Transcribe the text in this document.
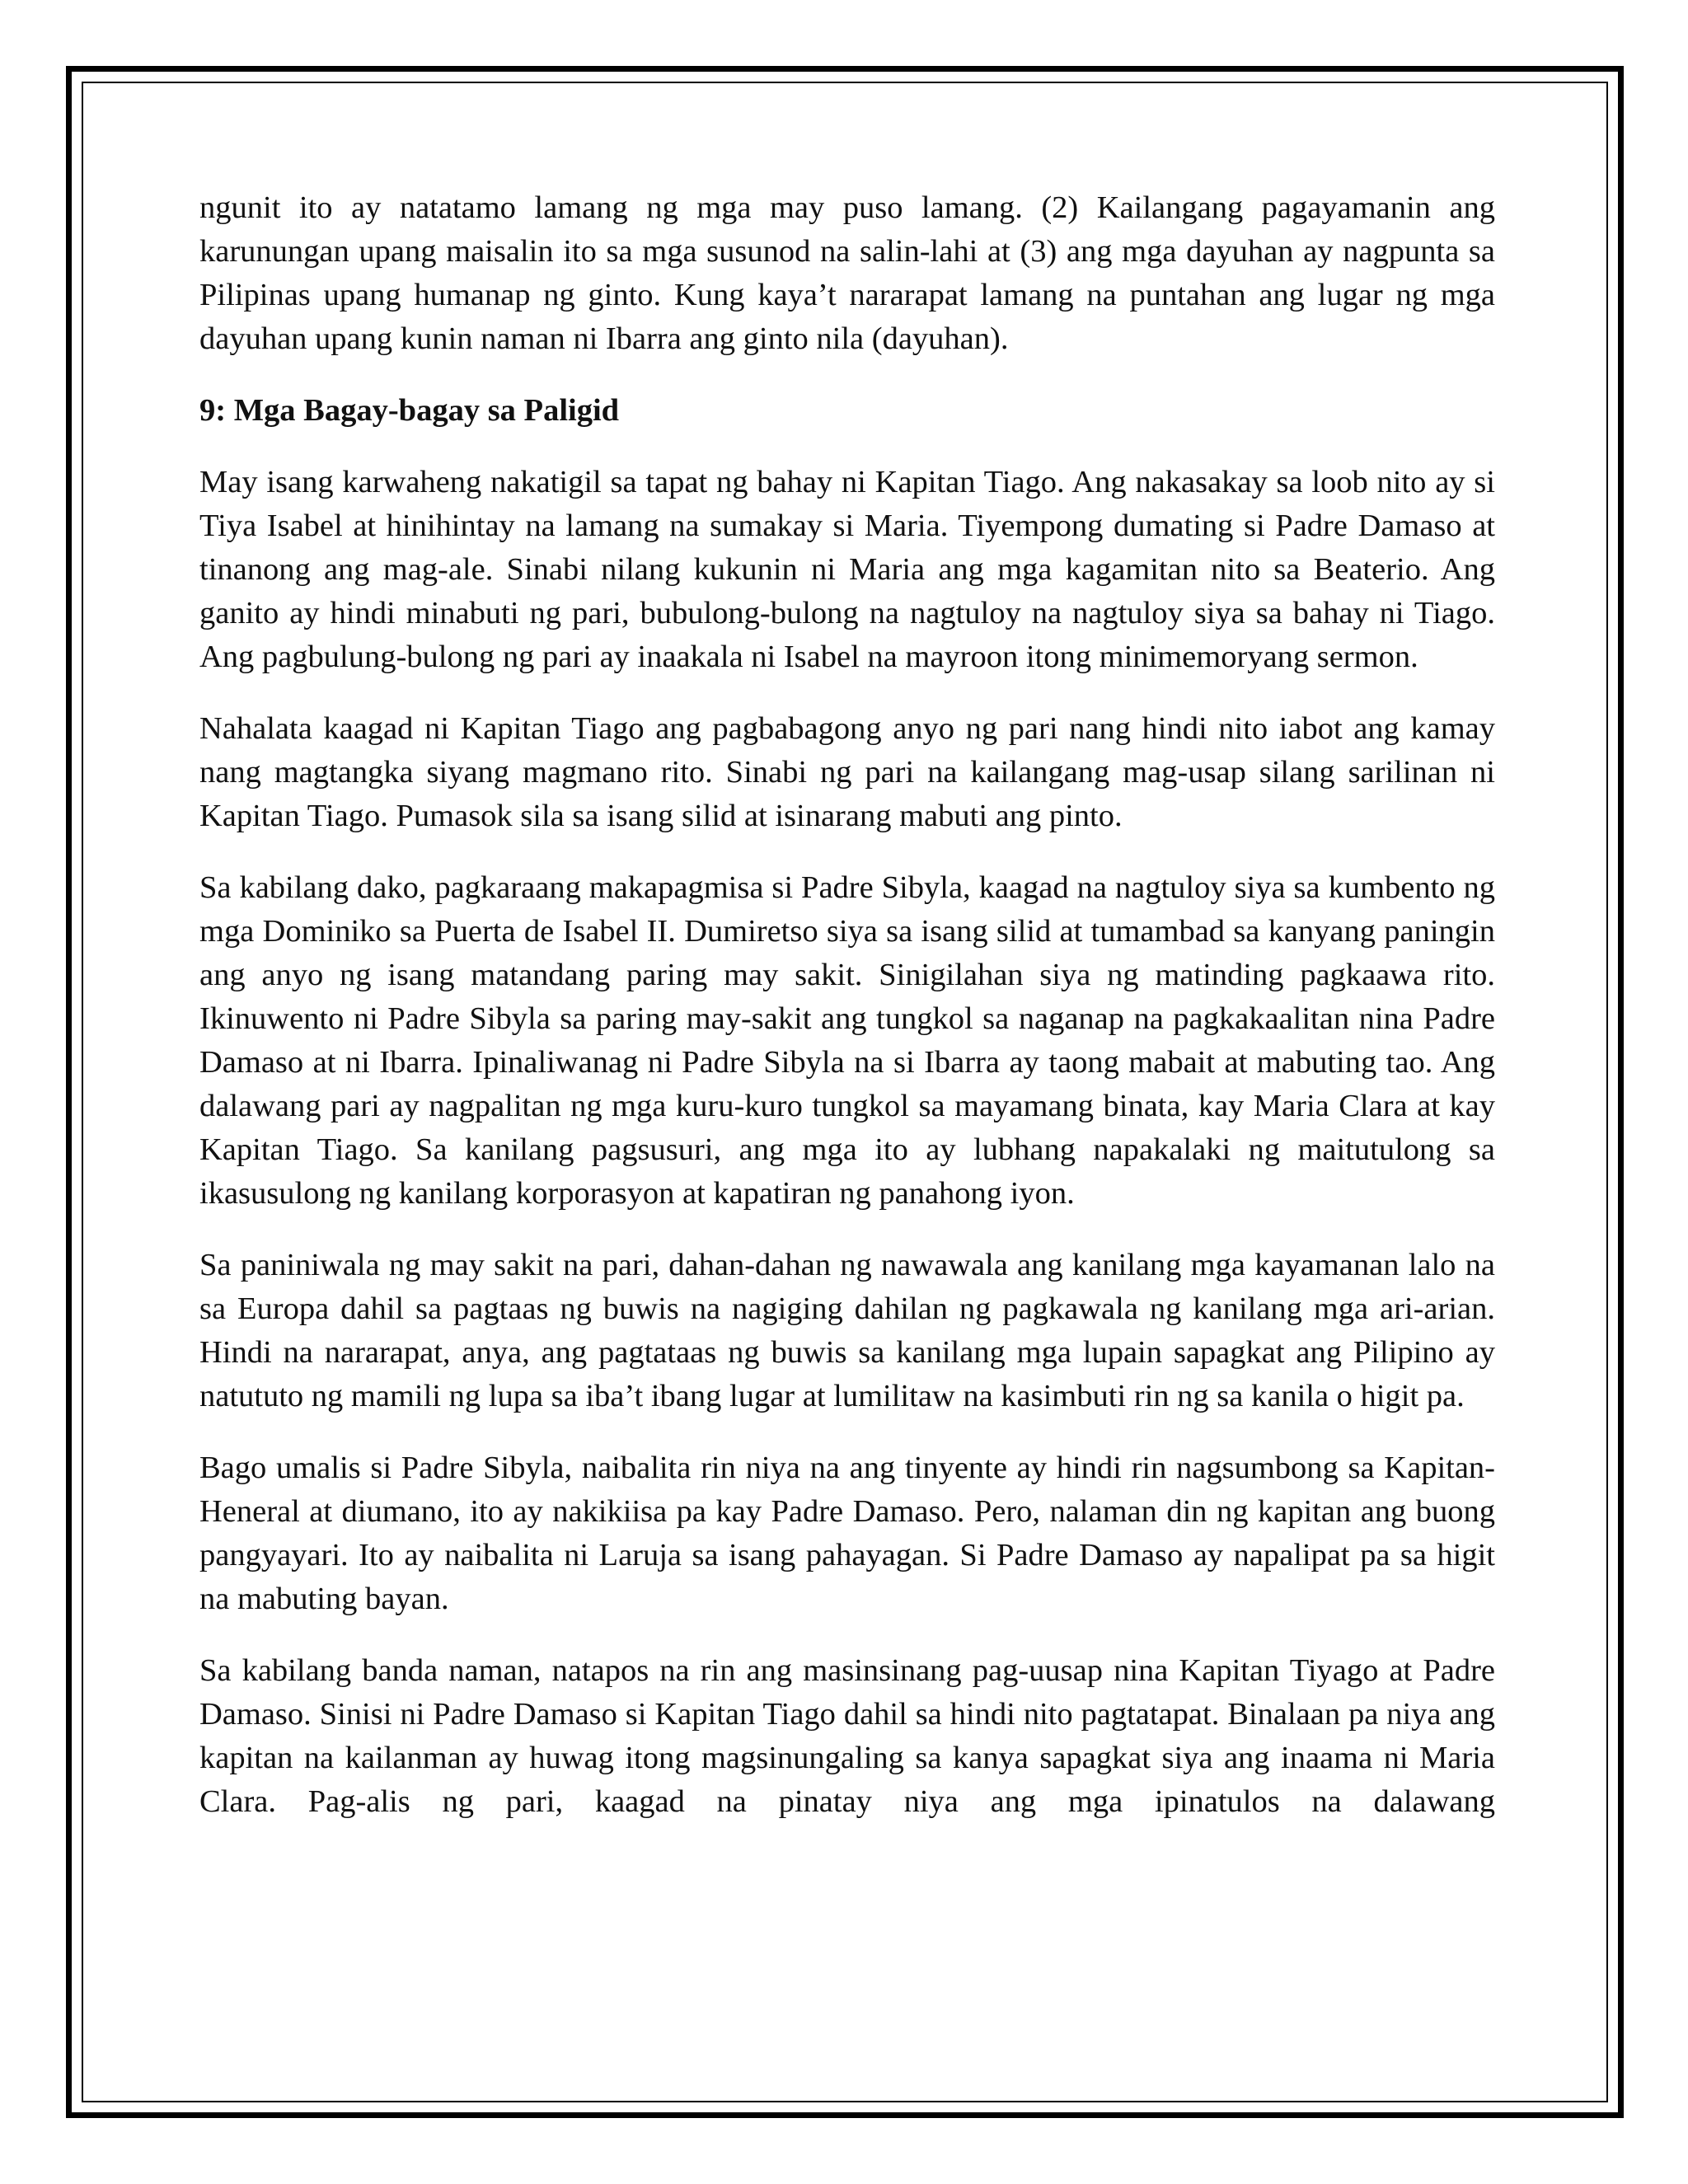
ngunit ito ay natatamo lamang ng mga may puso lamang. (2) Kailangang pagayamanin ang karunungan upang maisalin ito sa mga susunod na salin-lahi at (3) ang mga dayuhan ay nagpunta sa Pilipinas upang humanap ng ginto. Kung kaya’t nararapat lamang na puntahan ang lugar ng mga dayuhan upang kunin naman ni Ibarra ang ginto nila (dayuhan).

9: Mga Bagay-bagay sa Paligid

May isang karwaheng nakatigil sa tapat ng bahay ni Kapitan Tiago. Ang nakasakay sa loob nito ay si Tiya Isabel at hinihintay na lamang na sumakay si Maria. Tiyempong dumating si Padre Damaso at tinanong ang mag-ale. Sinabi nilang kukunin ni Maria ang mga kagamitan nito sa Beaterio. Ang ganito ay hindi minabuti ng pari, bubulong-bulong na nagtuloy na nagtuloy siya sa bahay ni Tiago. Ang pagbulung-bulong ng pari ay inaakala ni Isabel na mayroon itong minimemoryang sermon.

Nahalata kaagad ni Kapitan Tiago ang pagbabagong anyo ng pari nang hindi nito iabot ang kamay nang magtangka siyang magmano rito. Sinabi ng pari na kailangang mag-usap silang sarilinan ni Kapitan Tiago. Pumasok sila sa isang silid at isinarang mabuti ang pinto.

Sa kabilang dako, pagkaraang makapagmisa si Padre Sibyla, kaagad na nagtuloy siya sa kumbento ng mga Dominiko sa Puerta de Isabel II. Dumiretso siya sa isang silid at tumambad sa kanyang paningin ang anyo ng isang matandang paring may sakit. Sinigilahan siya ng matinding pagkaawa rito. Ikinuwento ni Padre Sibyla sa paring may-sakit ang tungkol sa naganap na pagkakaalitan nina Padre Damaso at ni Ibarra. Ipinaliwanag ni Padre Sibyla na si Ibarra ay taong mabait at mabuting tao. Ang dalawang pari ay nagpalitan ng mga kuru-kuro tungkol sa mayamang binata, kay Maria Clara at kay Kapitan Tiago. Sa kanilang pagsusuri, ang mga ito ay lubhang napakalaki ng maitutulong sa ikasusulong ng kanilang korporasyon at kapatiran ng panahong iyon.

Sa paniniwala ng may sakit na pari, dahan-dahan ng nawawala ang kanilang mga kayamanan lalo na sa Europa dahil sa pagtaas ng buwis na nagiging dahilan ng pagkawala ng kanilang mga ari-arian. Hindi na nararapat, anya, ang pagtataas ng buwis sa kanilang mga lupain sapagkat ang Pilipino ay natututo ng mamili ng lupa sa iba’t ibang lugar at lumilitaw na kasimbuti rin ng sa kanila o higit pa.

Bago umalis si Padre Sibyla, naibalita rin niya na ang tinyente ay hindi rin nagsumbong sa Kapitan-Heneral at diumano, ito ay nakikiisa pa kay Padre Damaso. Pero, nalaman din ng kapitan ang buong pangyayari. Ito ay naibalita ni Laruja sa isang pahayagan. Si Padre Damaso ay napalipat pa sa higit na mabuting bayan.

Sa kabilang banda naman, natapos na rin ang masinsinang pag-uusap nina Kapitan Tiyago at Padre Damaso. Sinisi ni Padre Damaso si Kapitan Tiago dahil sa hindi nito pagtatapat. Binalaan pa niya ang kapitan na kailanman ay huwag itong magsinungaling sa kanya sapagkat siya ang inaama ni Maria Clara. Pag-alis ng pari, kaagad na pinatay niya ang mga ipinatulos na dalawang
